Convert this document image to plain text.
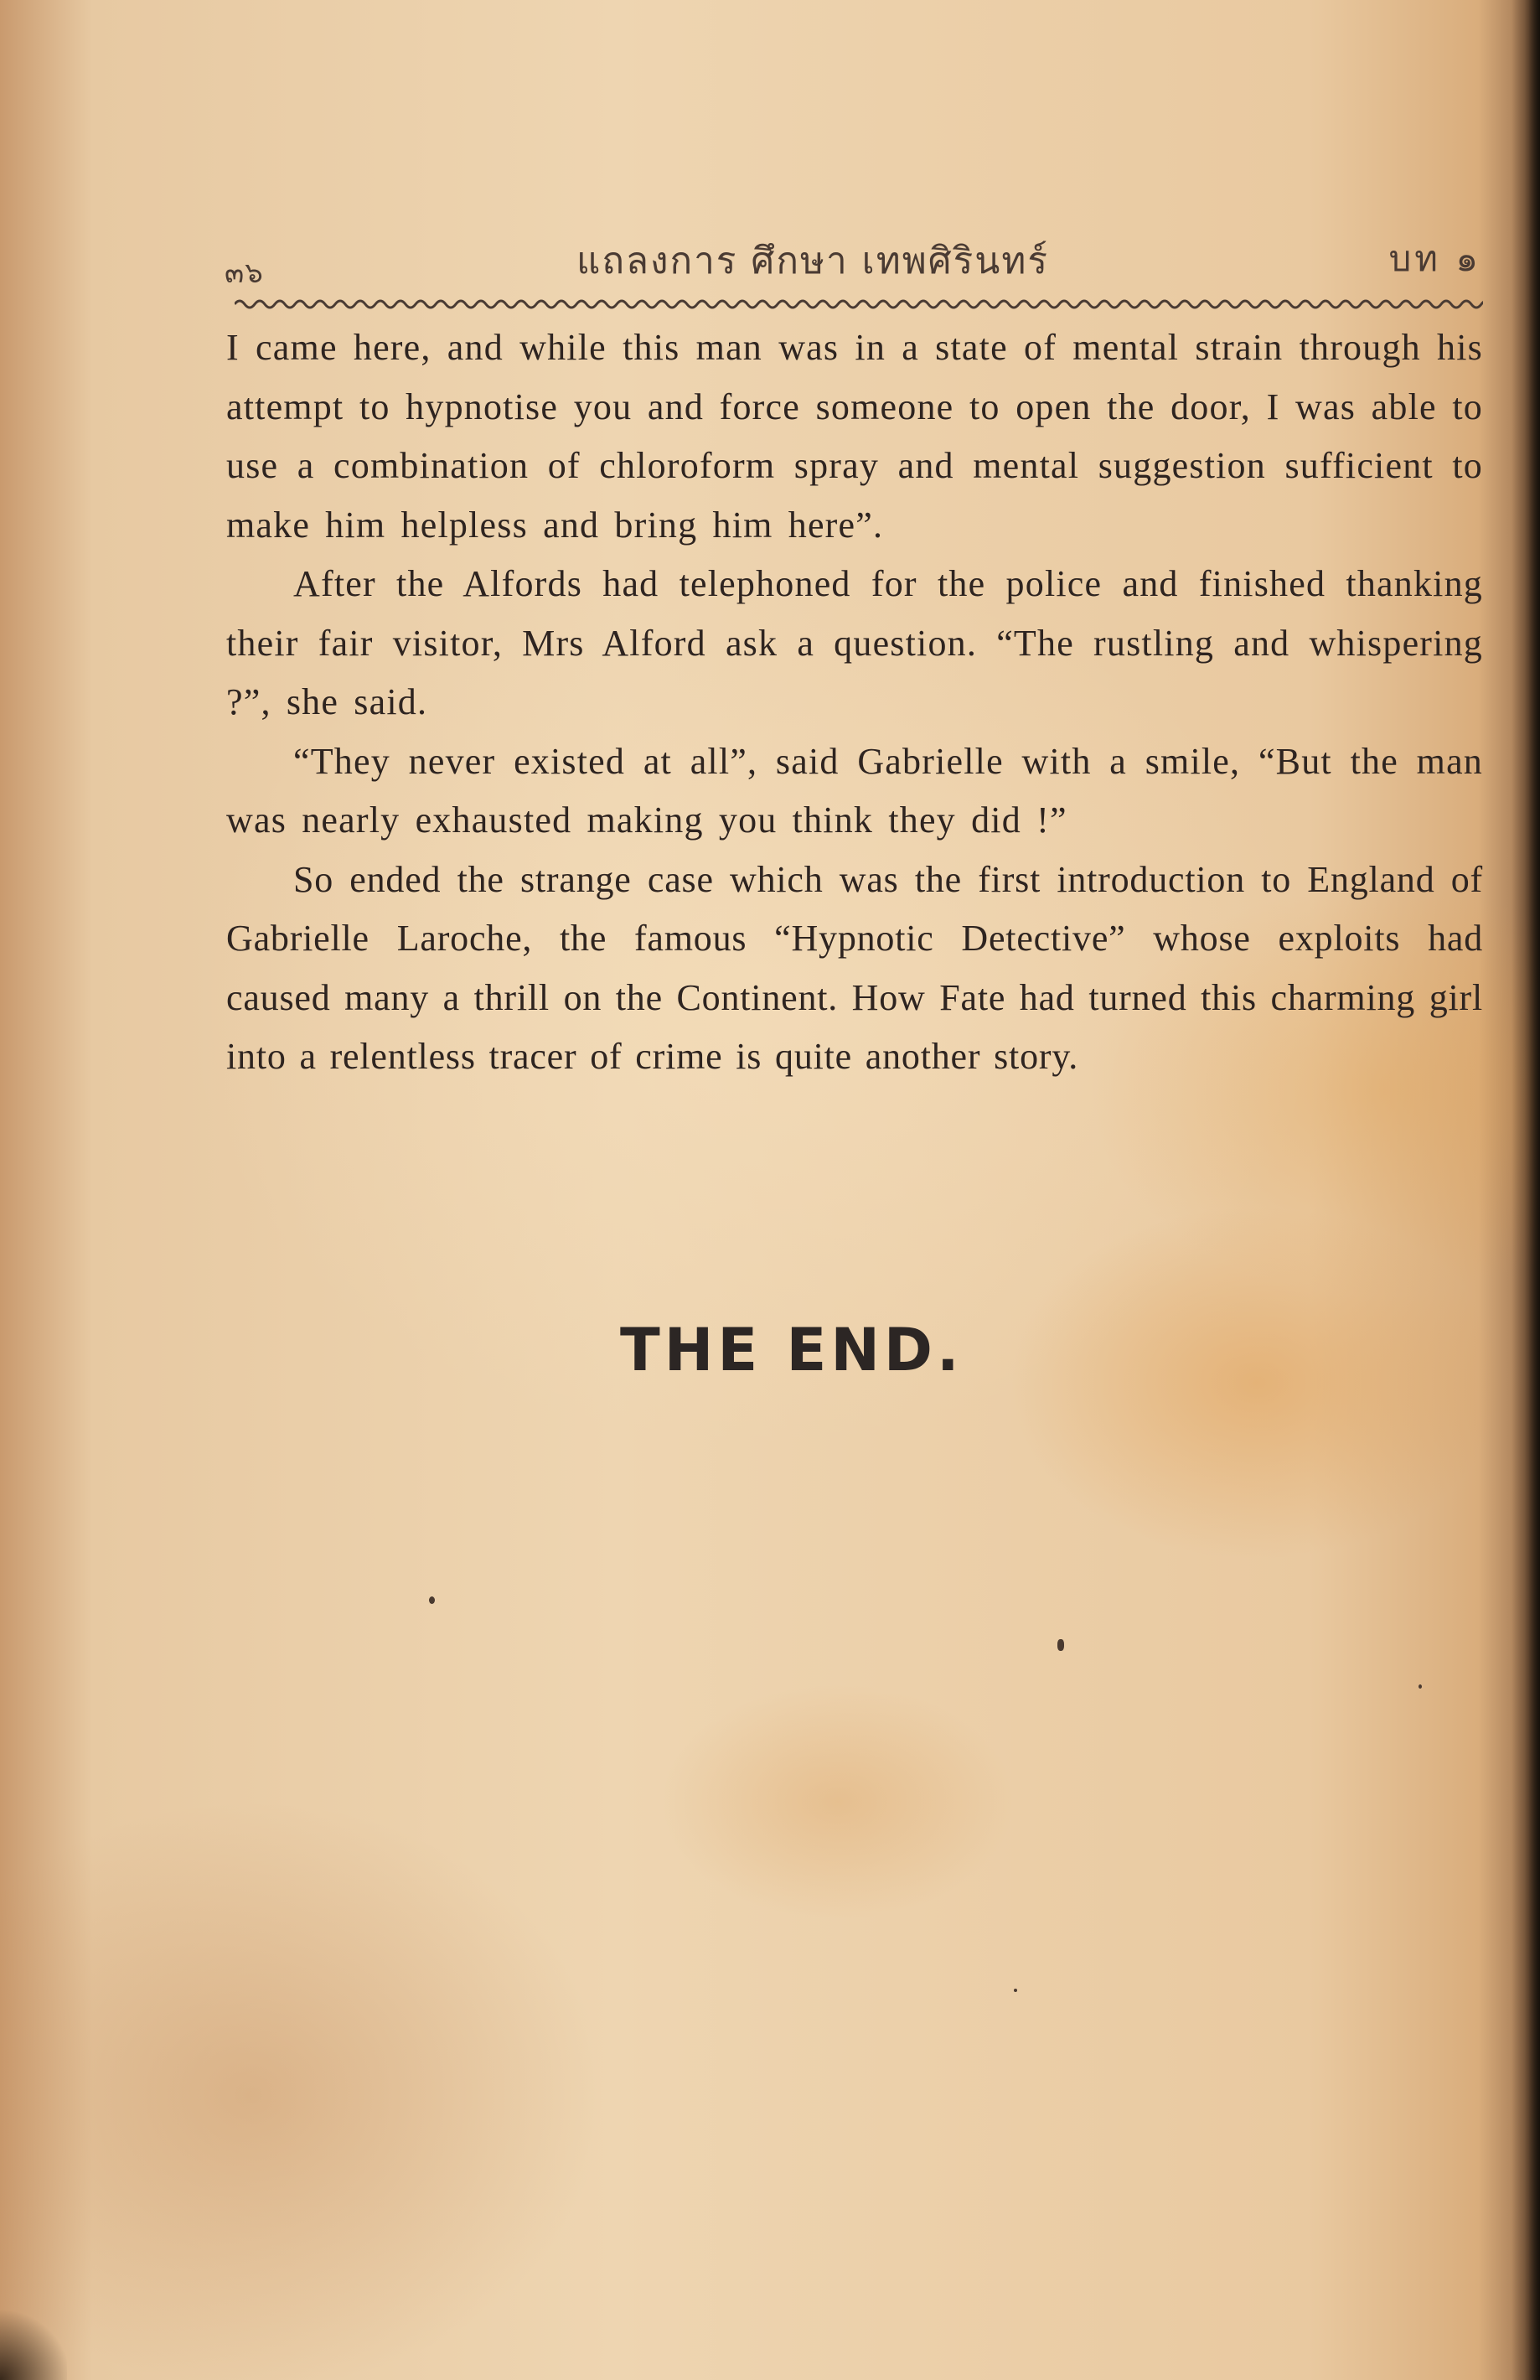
๓๖	แถลงการ ศึกษา เทพศิรินทร์	บท ๑

I came here, and while this man was in a state of mental strain through his attempt to hypnotise you and force someone to open the door, I was able to use a combination of chloroform spray and mental suggestion sufficient to make him helpless and bring him here”.

After the Alfords had telephoned for the police and finished thanking their fair visitor, Mrs Alford ask a question. “The rustling and whispering ?”, she said.

“They never existed at all”, said Gabrielle with a smile, “But the man was nearly exhausted making you think they did !”

So ended the strange case which was the first introduction to England of Gabrielle Laroche, the famous “Hypnotic Detective” whose exploits had caused many a thrill on the Continent. How Fate had turned this charming girl into a relentless tracer of crime is quite another story.

THE END.
